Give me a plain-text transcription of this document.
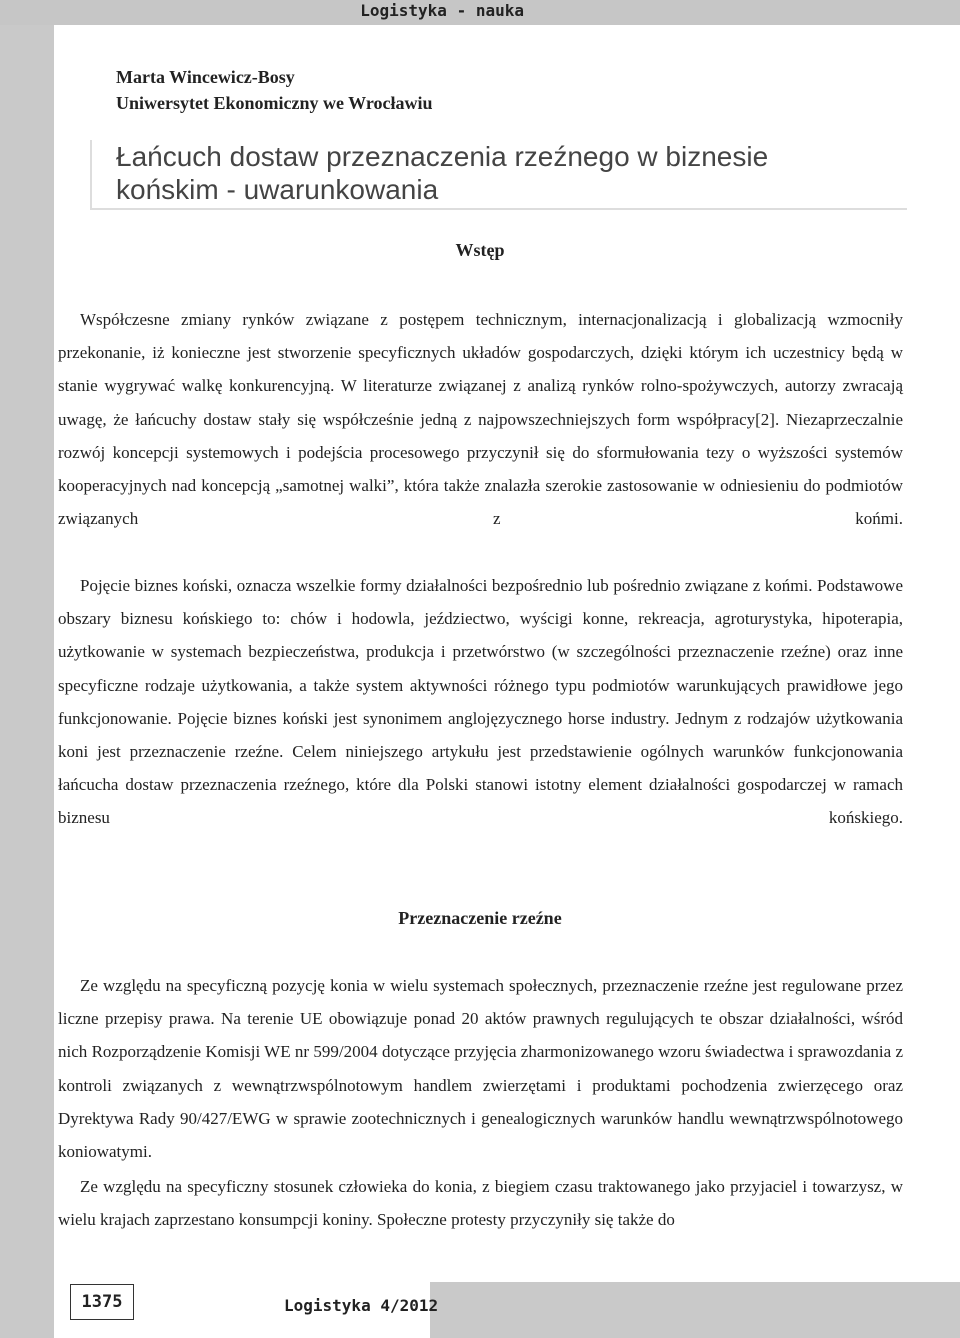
Logistyka - nauka
Marta Wincewicz-Bosy
Uniwersytet Ekonomiczny we Wrocławiu
Łańcuch dostaw przeznaczenia rzeźnego w biznesie
końskim - uwarunkowania
Wstęp

Współczesne zmiany rynków związane z postępem technicznym, internacjonalizacją i globalizacją wzmocniły przekonanie, iż konieczne jest stworzenie specyficznych układów gospodarczych, dzięki którym ich uczestnicy będą w stanie wygrywać walkę konkurencyjną. W literaturze związanej z analizą rynków rolno-spożywczych, autorzy zwracają uwagę, że łańcuchy dostaw stały się współcześnie jedną z najpowszechniejszych form współpracy[2]. Niezaprzeczalnie rozwój koncepcji systemowych i podejścia procesowego przyczynił się do sformułowania tezy o wyższości systemów kooperacyjnych nad koncepcją „samotnej walki”, która także znalazła szerokie zastosowanie w odniesieniu do podmiotów związanych z końmi.

Pojęcie biznes koński, oznacza wszelkie formy działalności bezpośrednio lub pośrednio związane z końmi. Podstawowe obszary biznesu końskiego to: chów i hodowla, jeździectwo, wyścigi konne, rekreacja, agroturystyka, hipoterapia, użytkowanie w systemach bezpieczeństwa, produkcja i przetwórstwo (w szczególności przeznaczenie rzeźne) oraz inne specyficzne rodzaje użytkowania, a także system aktywności różnego typu podmiotów warunkujących prawidłowe jego funkcjonowanie. Pojęcie biznes koński jest synonimem anglojęzycznego horse industry. Jednym z rodzajów użytkowania koni jest przeznaczenie rzeźne. Celem niniejszego artykułu jest przedstawienie ogólnych warunków funkcjonowania łańcucha dostaw przeznaczenia rzeźnego, które dla Polski stanowi istotny element działalności gospodarczej w ramach biznesu końskiego.

Przeznaczenie rzeźne

Ze względu na specyficzną pozycję konia w wielu systemach społecznych, przeznaczenie rzeźne jest regulowane przez liczne przepisy prawa. Na terenie UE obowiązuje ponad 20 aktów prawnych regulujących te obszar działalności, wśród nich Rozporządzenie Komisji WE nr 599/2004 dotyczące przyjęcia zharmonizowanego wzoru świadectwa i sprawozdania z kontroli związanych z wewnątrzwspólnotowym handlem zwierzętami i produktami pochodzenia zwierzęcego oraz Dyrektywa Rady 90/427/EWG w sprawie zootechnicznych i genealogicznych warunków handlu wewnątrzwspólnotowego koniowatymi.

Ze względu na specyficzny stosunek człowieka do konia, z biegiem czasu traktowanego jako przyjaciel i towarzysz, w wielu krajach zaprzestano konsumpcji koniny. Społeczne protesty przyczyniły się także do

1375	Logistyka 4/2012
